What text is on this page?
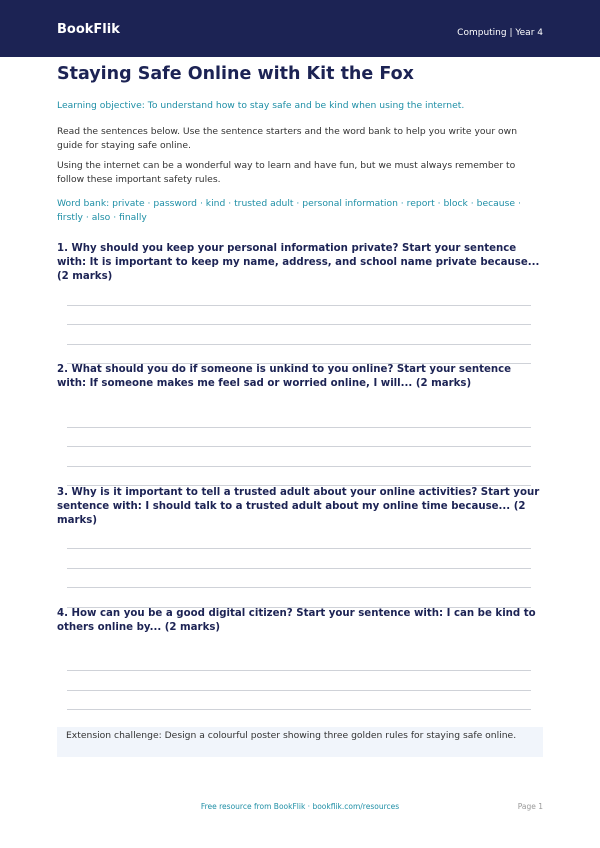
BookFlik	Computing | Year 4
Staying Safe Online with Kit the Fox
Learning objective: To understand how to stay safe and be kind when using the internet.

Read the sentences below. Use the sentence starters and the word bank to help you write your own guide for staying safe online.

Using the internet can be a wonderful way to learn and have fun, but we must always remember to follow these important safety rules.

Word bank: private · password · kind · trusted adult · personal information · report · block · because · firstly · also · finally

1. Why should you keep your personal information private? Start your sentence with: It is important to keep my name, address, and school name private because... (2 marks)

2. What should you do if someone is unkind to you online? Start your sentence with: If someone makes me feel sad or worried online, I will... (2 marks)

3. Why is it important to tell a trusted adult about your online activities? Start your sentence with: I should talk to a trusted adult about my online time because... (2 marks)

4. How can you be a good digital citizen? Start your sentence with: I can be kind to others online by... (2 marks)

Extension challenge: Design a colourful poster showing three golden rules for staying safe online.
Free resource from BookFlik · bookflik.com/resources	Page 1
